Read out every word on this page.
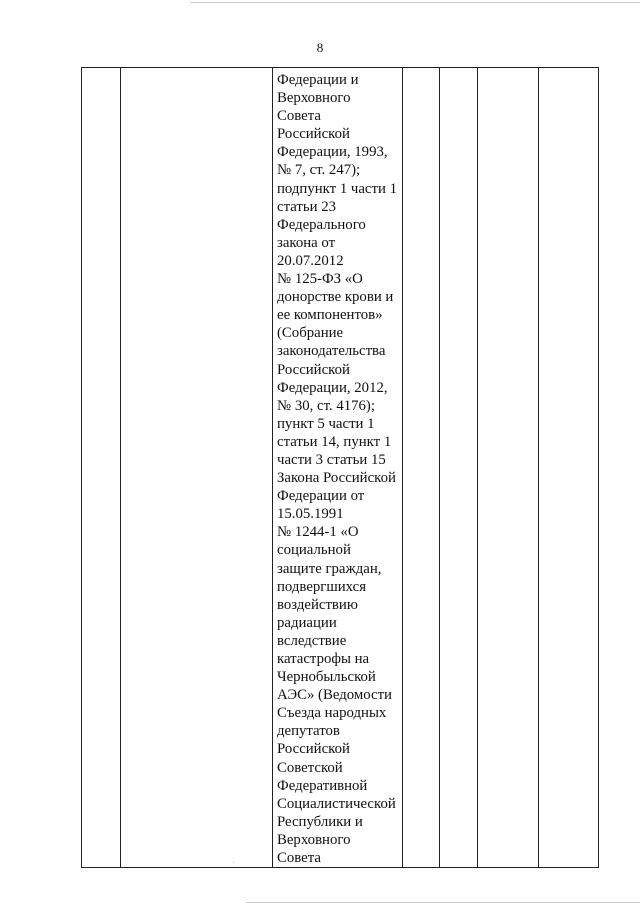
8

Федерации и
Верховного
Совета
Российской
Федерации, 1993,
№ 7, ст. 247);
подпункт 1 части 1
статьи 23
Федерального
закона от
20.07.2012
№ 125-ФЗ «О
донорстве крови и
ее компонентов»
(Собрание
законодательства
Российской
Федерации, 2012,
№ 30, ст. 4176);
пункт 5 части 1
статьи 14, пункт 1
части 3 статьи 15
Закона Российской
Федерации от
15.05.1991
№ 1244-1 «О
социальной
защите граждан,
подвергшихся
воздействию
радиации
вследствие
катастрофы на
Чернобыльской
АЭС» (Ведомости
Съезда народных
депутатов
Российской
Советской
Федеративной
Социалистической
Республики и
Верховного
Совета
